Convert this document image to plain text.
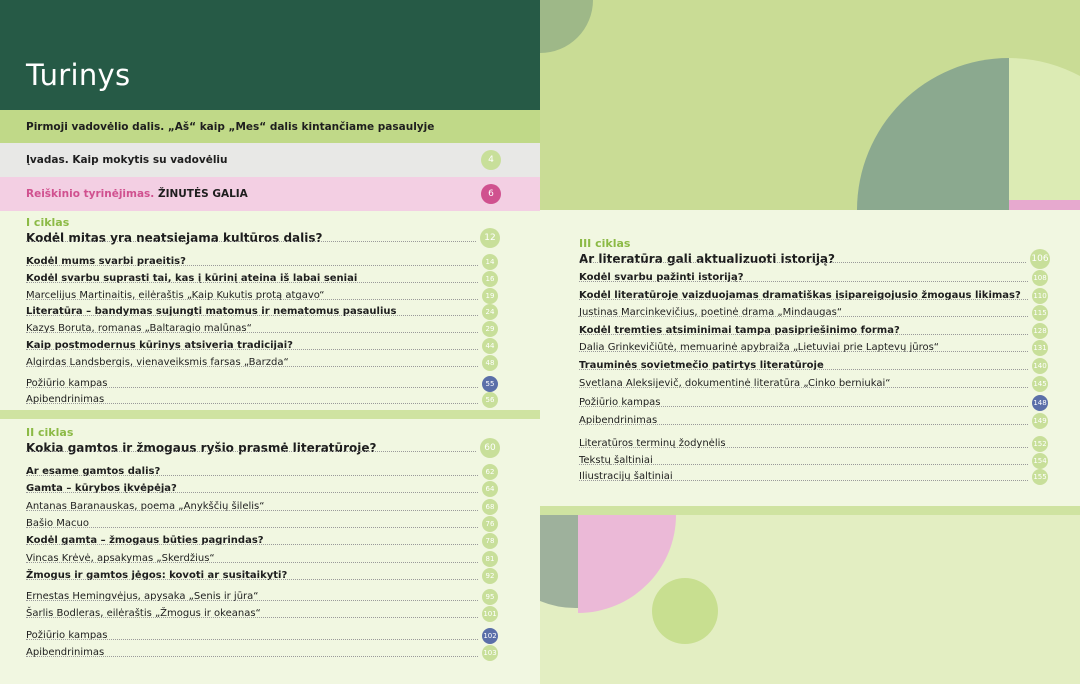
Turinys
Pirmoji vadovėlio dalis. „Aš“ kaip „Mes“ dalis kintančiame pasaulyje
Įvadas. Kaip mokytis su vadovėliu	4
Reiškinio tyrinėjimas. ŽINUTĖS GALIA	6
I ciklas
Kodėl mitas yra neatsiejama kultūros dalis?	12
Kodėl mums svarbi praeitis?	14
Kodėl svarbu suprasti tai, kas į kūrinį ateina iš labai seniai	16
Marcelijus Martinaitis, eilėraštis „Kaip Kukutis protą atgavo“	19
Literatūra – bandymas sujungti matomus ir nematomus pasaulius	24
Kazys Boruta, romanas „Baltaragio malūnas“	29
Kaip postmodernus kūrinys atsiveria tradicijai?	44
Algirdas Landsbergis, vienaveiksmis farsas „Barzda“	48
Požiūrio kampas	55
Apibendrinimas	56
II ciklas
Kokia gamtos ir žmogaus ryšio prasmė literatūroje?	60
Ar esame gamtos dalis?	62
Gamta – kūrybos įkvėpėja?	64
Antanas Baranauskas, poema „Anykščių šilelis“	68
Bašio Macuo	76
Kodėl gamta – žmogaus būties pagrindas?	78
Vincas Krėvė, apsakymas „Skerdžius“	81
Žmogus ir gamtos jėgos: kovoti ar susitaikyti?	92
Ernestas Hemingvėjus, apysaka „Senis ir jūra“	95
Šarlis Bodleras, eilėraštis „Žmogus ir okeanas“	101
Požiūrio kampas	102
Apibendrinimas	103
III ciklas
Ar literatūra gali aktualizuoti istoriją?	106
Kodėl svarbu pažinti istoriją?	108
Kodėl literatūroje vaizduojamas dramatiškas įsipareigojusio žmogaus likimas? 110
Justinas Marcinkevičius, poetinė drama „Mindaugas“	115
Kodėl tremties atsiminimai tampa pasipriešinimo forma?	128
Dalia Grinkevičiūtė, memuarinė apybraiža „Lietuviai prie Laptevų jūros“	131
Trauminės sovietmečio patirtys literatūroje	140
Svetlana Aleksijevič, dokumentinė literatūra „Cinko berniukai“	145
Požiūrio kampas	148
Apibendrinimas	149
Literatūros terminų žodynėlis	152
Tekstų šaltiniai	154
Iliustracijų šaltiniai	155
